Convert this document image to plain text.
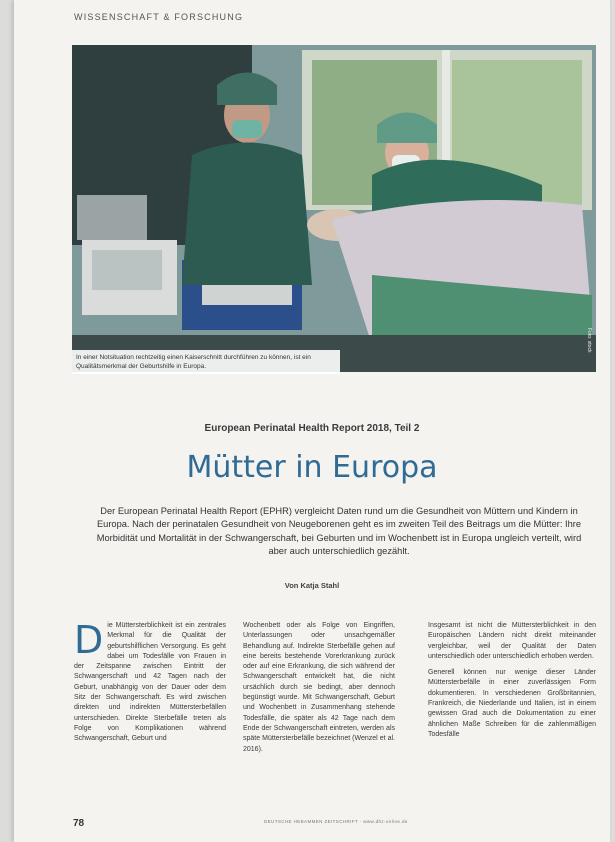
WISSENSCHAFT & FORSCHUNG
Foto: stock
In einer Notsituation rechtzeitig einen Kaiserschnitt durchführen zu können, ist ein Qualitätsmerkmal der Geburtshilfe in Europa.
European Perinatal Health Report 2018, Teil 2
Mütter in Europa
Der European Perinatal Health Report (EPHR) vergleicht Daten rund um die Gesundheit von Müttern und Kindern in Europa. Nach der perinatalen Gesundheit von Neugeborenen geht es im zweiten Teil des Beitrags um die Mütter: Ihre Morbidität und Mortalität in der Schwangerschaft, bei Geburten und im Wochenbett ist in Europa ungleich verteilt, wird aber auch unterschiedlich gezählt.
Von Katja Stahl
D ie Müttersterblichkeit ist ein zentrales Merkmal für die Qualität der geburtshilflichen Versorgung. Es geht dabei um Todesfälle von Frauen in der Zeitspanne zwischen Eintritt der Schwangerschaft und 42 Tagen nach der Geburt, unabhängig von der Dauer oder dem Sitz der Schwangerschaft. Es wird zwischen direkten und indirekten Müttersterbefällen unterschieden. Direkte Sterbefälle treten als Folge von Komplikationen während Schwangerschaft, Geburt und
Wochenbett oder als Folge von Eingriffen, Unterlassungen oder unsachgemäßer Behandlung auf. Indirekte Sterbefälle gehen auf eine bereits bestehende Vorerkrankung zurück oder auf eine Erkrankung, die sich während der Schwangerschaft entwickelt hat, die nicht ursächlich durch sie bedingt, aber dennoch begünstigt wurde. Mit Schwangerschaft, Geburt und Wochenbett in Zusammenhang stehende Todesfälle, die später als 42 Tage nach dem Ende der Schwangerschaft eintreten, werden als späte Müttersterbefälle bezeichnet (Wenzel et al. 2016).

Insgesamt ist nicht die Müttersterblichkeit in den Europäischen Ländern nicht direkt miteinander vergleichbar, weil der Qualität der Daten unterschiedlich oder unterschiedlich erhoben werden.

Generell können nur wenige dieser Länder Müttersterbefälle in einer zuverlässigen Form dokumentieren. In verschiedenen Großbritannien, Frankreich, die Niederlande und Italien, ist in einem gewissen Grad auch die Dokumentation zu einer ähnlichen Maße Schreiben für die zahlenmäßigen Todesfälle

78	DEUTSCHE HEBAMMEN ZEITSCHRIFT · www.dhz-online.de
